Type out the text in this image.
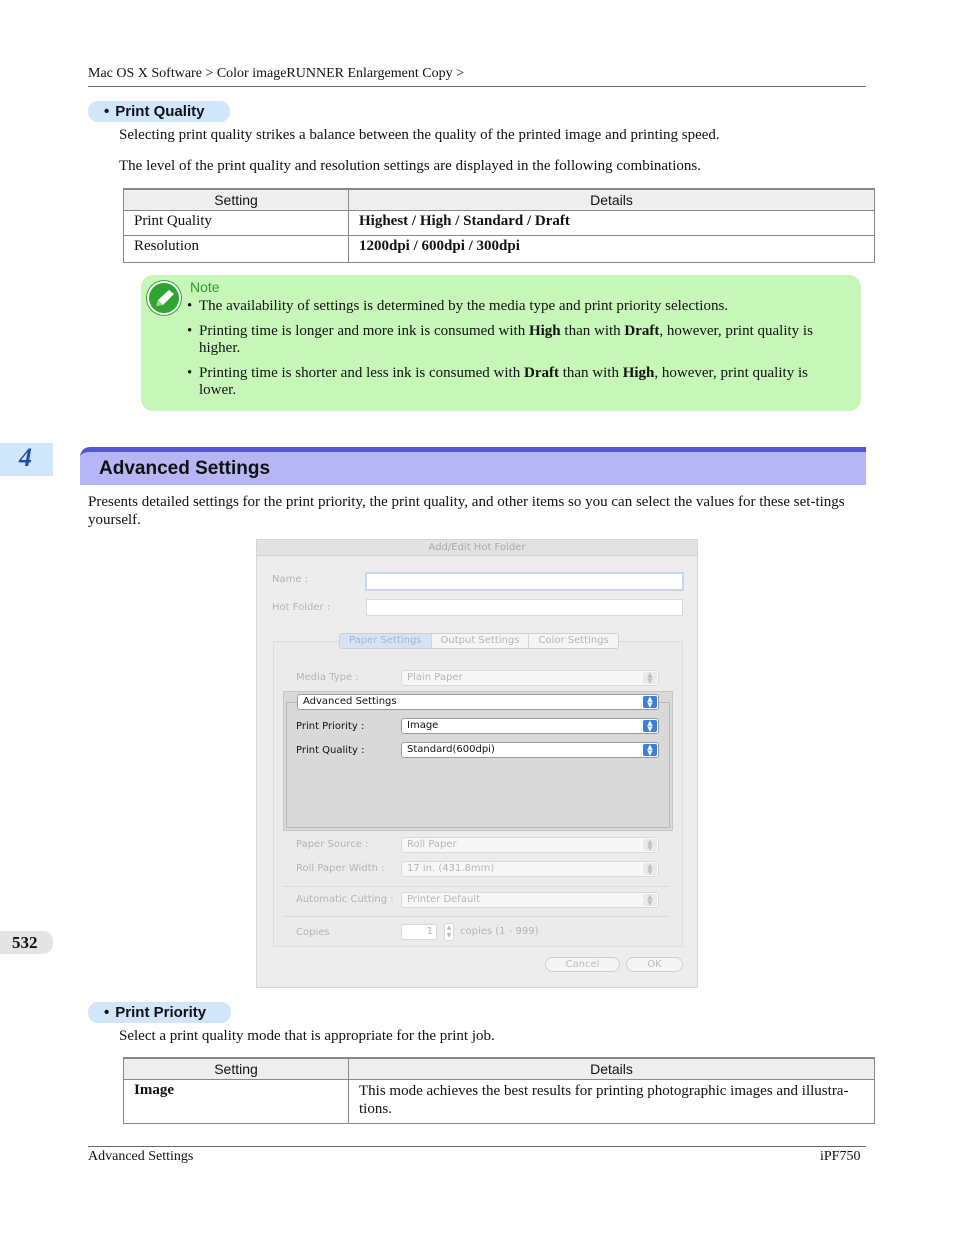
Mac OS X Software > Color imageRUNNER Enlargement Copy >
• Print Quality
Selecting print quality strikes a balance between the quality of the printed image and printing speed.
The level of the print quality and resolution settings are displayed in the following combinations.
Setting	Details
Print Quality	Highest / High / Standard / Draft
Resolution	1200dpi / 600dpi / 300dpi
Note
• The availability of settings is determined by the media type and print priority selections.
• Printing time is longer and more ink is consumed with High than with Draft, however, print quality is higher.
• Printing time is shorter and less ink is consumed with Draft than with High, however, print quality is lower.
4
532
Advanced Settings
Presents detailed settings for the print priority, the print quality, and other items so you can select the values for these set-tings yourself.
Add/Edit Hot Folder
Name :
Hot Folder :
Paper Settings	Output Settings	Color Settings
Media Type :	Plain Paper	▲
▼
Advanced Settings	▲
▼
Print Priority :	Image	▲
▼
Print Quality :	Standard(600dpi)	▲
▼
Paper Source :	Roll Paper	▲
▼
Roll Paper Width :	17 in. (431.8mm)	▲
▼
Automatic Cutting :	Printer Default	▲
▼
Copies	1	▲
▼ copies (1 - 999)
Cancel	OK
• Print Priority
Select a print quality mode that is appropriate for the print job.
Setting	Details
Image	This mode achieves the best results for printing photographic images and illustra-tions.
Advanced Settings	iPF750
